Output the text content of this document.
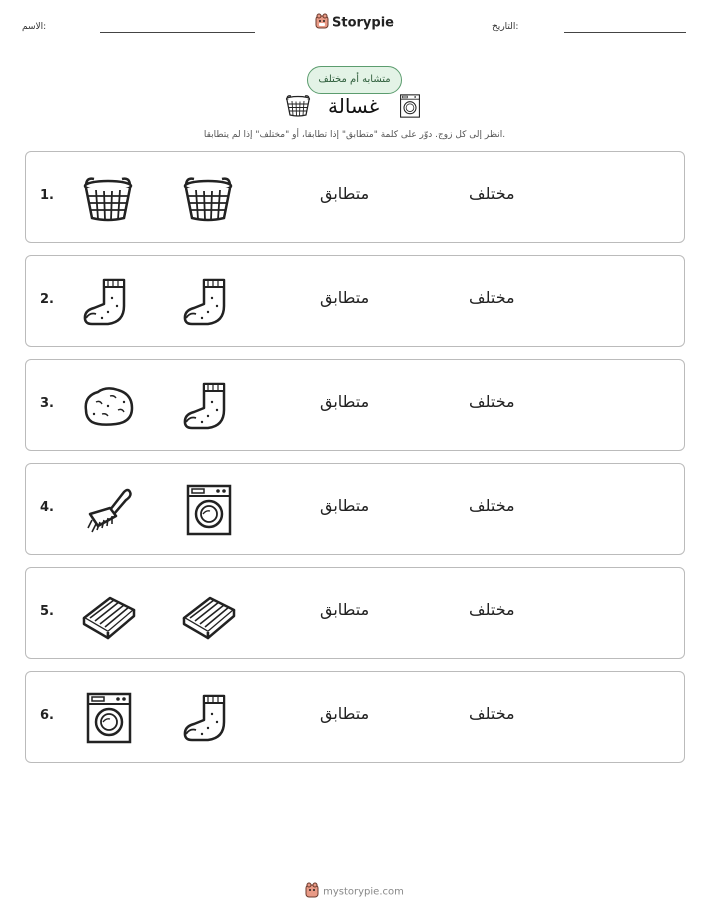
الاسم:	التاريخ:
Storypie
متشابه أم مختلف
غسالة
انظر إلى كل زوج. دوّر على كلمة "متطابق" إذا تطابقا، أو "مختلف" إذا لم يتطابقا.
1.	متطابق	مختلف
2.	متطابق	مختلف
3.	متطابق	مختلف
4.	متطابق	مختلف
5.	متطابق	مختلف
6.	متطابق	مختلف
mystorypie.com
